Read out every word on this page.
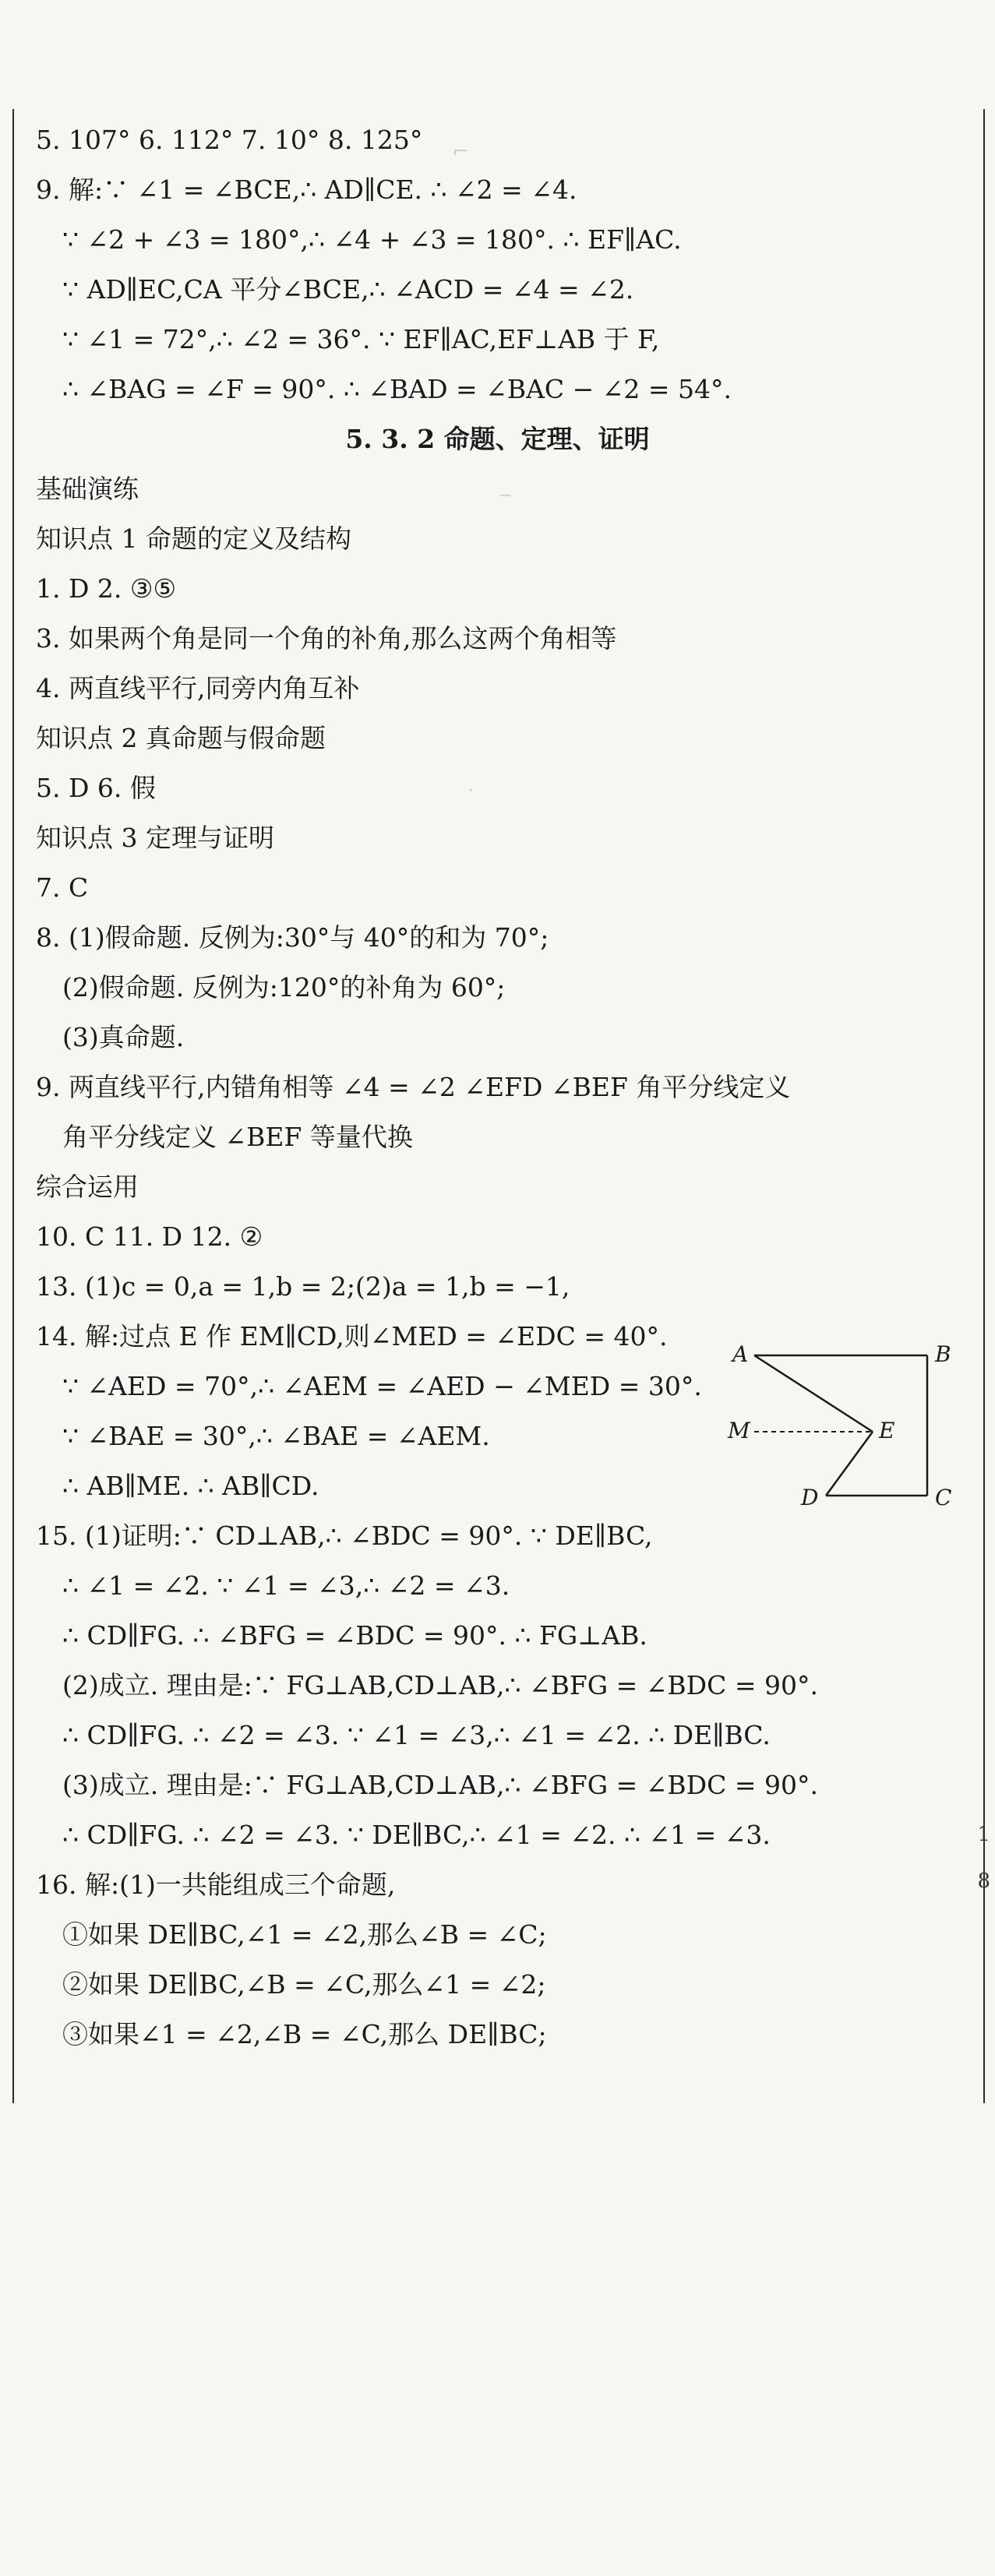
5. 107° 6. 112° 7. 10° 8. 125°
9. 解:∵ ∠1 = ∠BCE,∴ AD∥CE. ∴ ∠2 = ∠4.
∵ ∠2 + ∠3 = 180°,∴ ∠4 + ∠3 = 180°. ∴ EF∥AC.
∵ AD∥EC,CA 平分∠BCE,∴ ∠ACD = ∠4 = ∠2.
∵ ∠1 = 72°,∴ ∠2 = 36°. ∵ EF∥AC,EF⊥AB 于 F,
∴ ∠BAG = ∠F = 90°. ∴ ∠BAD = ∠BAC − ∠2 = 54°.
5. 3. 2 命题、定理、证明
基础演练
知识点 1 命题的定义及结构
1. D 2. ③⑤
3. 如果两个角是同一个角的补角,那么这两个角相等
4. 两直线平行,同旁内角互补
知识点 2 真命题与假命题
5. D 6. 假
知识点 3 定理与证明
7. C
8. (1)假命题. 反例为:30°与 40°的和为 70°;
(2)假命题. 反例为:120°的补角为 60°;
(3)真命题.
9. 两直线平行,内错角相等 ∠4 = ∠2 ∠EFD ∠BEF 角平分线定义
角平分线定义 ∠BEF 等量代换
综合运用
10. C 11. D 12. ②
13. (1)c = 0,a = 1,b = 2;(2)a = 1,b = −1,
14. 解:过点 E 作 EM∥CD,则∠MED = ∠EDC = 40°.
∵ ∠AED = 70°,∴ ∠AEM = ∠AED − ∠MED = 30°.
∵ ∠BAE = 30°,∴ ∠BAE = ∠AEM.
∴ AB∥ME. ∴ AB∥CD.
15. (1)证明:∵ CD⊥AB,∴ ∠BDC = 90°. ∵ DE∥BC,
∴ ∠1 = ∠2. ∵ ∠1 = ∠3,∴ ∠2 = ∠3.
∴ CD∥FG. ∴ ∠BFG = ∠BDC = 90°. ∴ FG⊥AB.
(2)成立. 理由是:∵ FG⊥AB,CD⊥AB,∴ ∠BFG = ∠BDC = 90°.
∴ CD∥FG. ∴ ∠2 = ∠3. ∵ ∠1 = ∠3,∴ ∠1 = ∠2. ∴ DE∥BC.
(3)成立. 理由是:∵ FG⊥AB,CD⊥AB,∴ ∠BFG = ∠BDC = 90°.
∴ CD∥FG. ∴ ∠2 = ∠3. ∵ DE∥BC,∴ ∠1 = ∠2. ∴ ∠1 = ∠3.
16. 解:(1)一共能组成三个命题,
①如果 DE∥BC,∠1 = ∠2,那么∠B = ∠C;
②如果 DE∥BC,∠B = ∠C,那么∠1 = ∠2;
③如果∠1 = ∠2,∠B = ∠C,那么 DE∥BC;
⌐
‒
·
A	B
C
D
E
M
1
8
